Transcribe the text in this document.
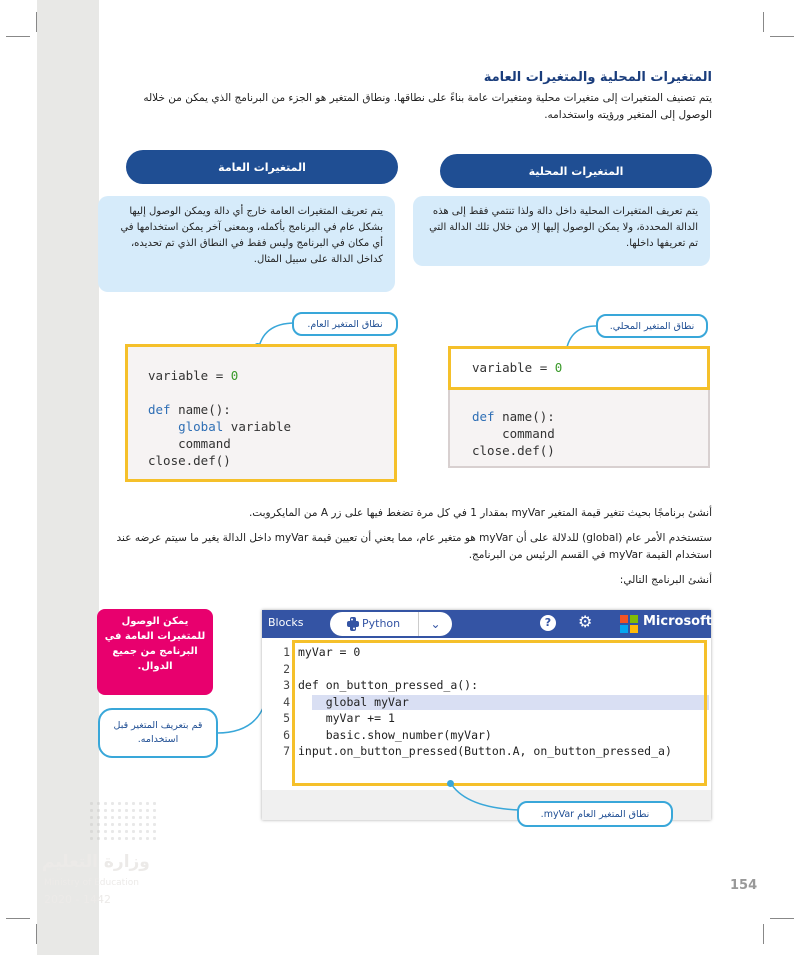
المتغيرات المحلية والمتغيرات العامة
يتم تصنيف المتغيرات إلى متغيرات محلية ومتغيرات عامة بناءً على نطاقها. ونطاق المتغير هو الجزء من البرنامج الذي يمكن من خلاله الوصول إلى المتغير ورؤيته واستخدامه.
المتغيرات المحلية
المتغيرات العامة
يتم تعريف المتغيرات المحلية داخل دالة ولذا تنتمي فقط إلى هذه الدالة المحددة، ولا يمكن الوصول إليها إلا من خلال تلك الدالة التي تم تعريفها داخلها.
يتم تعريف المتغيرات العامة خارج أي دالة ويمكن الوصول إليها بشكل عام في البرنامج بأكمله، وبمعنى آخر يمكن استخدامها في أي مكان في البرنامج وليس فقط في النطاق الذي تم تحديده، كداخل الدالة على سبيل المثال.
نطاق المتغير العام.	نطاق المتغير المحلي.
variable = 0
def name():
global variable
command
close.def()
def name():
command
close.def()
variable = 0
أنشئ برنامجًا بحيث تتغير قيمة المتغير myVar بمقدار 1 في كل مرة تضغط فيها على زر A من المايكروبت.
ستستخدم الأمر عام (global) للدلالة على أن myVar هو متغير عام، مما يعني أن تعيين قيمة myVar داخل الدالة يغير ما سيتم عرضه عند استخدام القيمة myVar في القسم الرئيس من البرنامج.
أنشئ البرنامج التالي:
يمكن الوصول للمتغيرات العامة في البرنامج من جميع الدوال.
قم بتعريف المتغير قبل استخدامه.
Blocks	Python	⌄	?	⚙	Microsoft
1 myVar = 0
2
3 def on_button_pressed_a():
4    global myVar
5    myVar += 1
6    basic.show_number(myVar)
7 input.on_button_pressed(Button.A, on_button_pressed_a)
نطاق المتغير العام myVar.
وزارة التعليم
Ministry of Education
2020 - 1442
154
